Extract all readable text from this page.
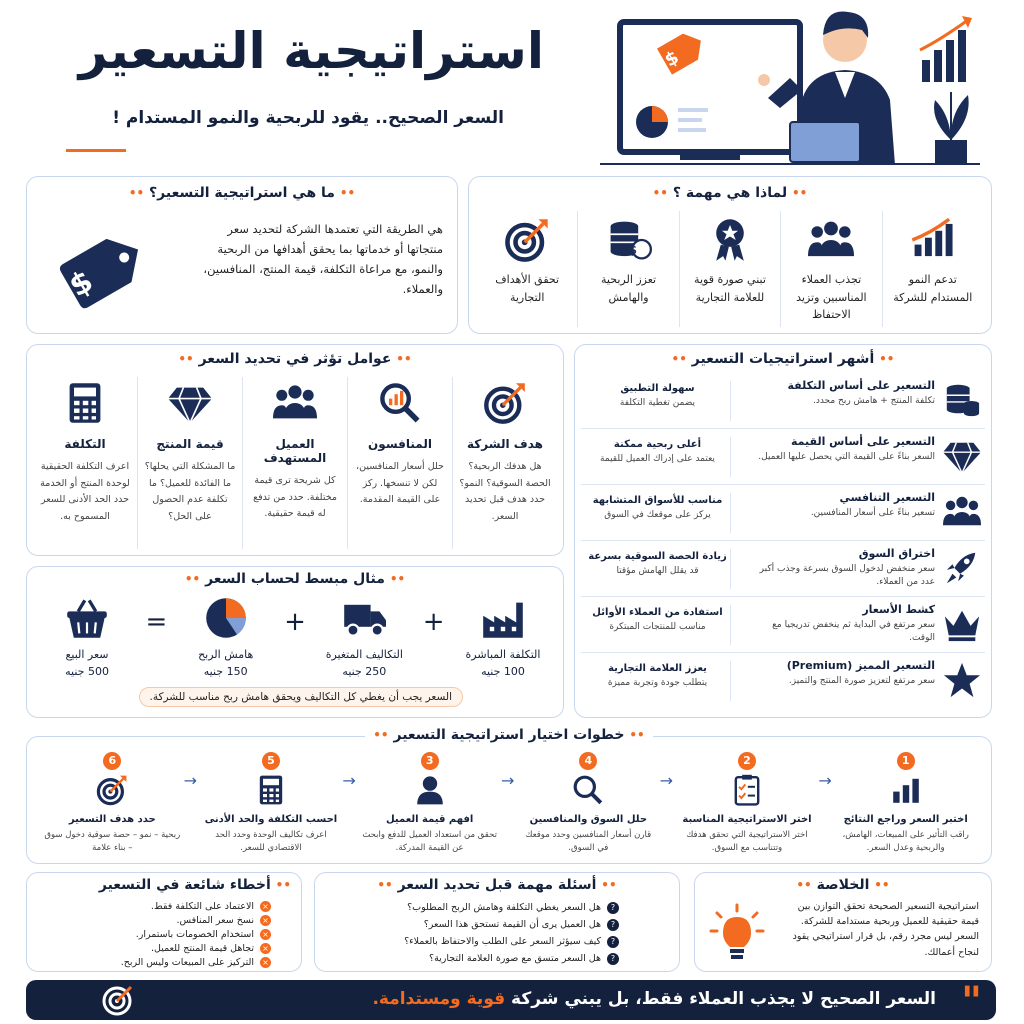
استراتيجية التسعير
السعر الصحيح.. يقود للربحية والنمو المستدام !
$
•• ما هي استراتيجية التسعير؟ ••
هي الطريقة التي تعتمدها الشركة لتحديد سعر منتجاتها أو خدماتها بما يحقق أهدافها من الربحية والنمو، مع مراعاة التكلفة، قيمة المنتج، المنافسين، والعملاء.
$
•• لماذا هي مهمة ؟ ••
تدعم النمو المستدام للشركة
تجذب العملاء المناسبين وتزيد الاحتفاظ
تبني صورة قوية للعلامة التجارية
$
تعزز الربحية والهامش
تحقق الأهداف التجارية
•• عوامل تؤثر في تحديد السعر ••
هدف الشركة
هل هدفك الربحية؟ الحصة السوقية؟ النمو؟ حدد هدف قبل تحديد السعر.
المنافسون
حلل أسعار المنافسين، لكن لا تنسخها. ركز على القيمة المقدمة.
العميل المستهدف
كل شريحة ترى قيمة مختلفة. حدد من تدفع له قيمة حقيقية.
قيمة المنتج
ما المشكلة التي يحلها؟ ما الفائدة للعميل؟ ما تكلفة عدم الحصول على الحل؟
التكلفة
اعرف التكلفة الحقيقية لوحدة المنتج أو الخدمة حدد الحد الأدنى للسعر المسموح به.
•• مثال مبسط لحساب السعر ••
التكلفة المباشرة
100 جنيه
+
التكاليف المتغيرة
250 جنيه
+
هامش الربح
150 جنيه
=
سعر البيع
500 جنيه
السعر يجب أن يغطي كل التكاليف ويحقق هامش ربح مناسب للشركة.
•• أشهر استراتيجيات التسعير ••
التسعير على أساس التكلفة
تكلفة المنتج + هامش ربح محدد.
سهولة التطبيق
يضمن تغطية التكلفة
التسعير على أساس القيمة
السعر بناءً على القيمة التي يحصل عليها العميل.
أعلى ربحية ممكنة
يعتمد على إدراك العميل للقيمة
التسعير التنافسي
تسعير بناءً على أسعار المنافسين.
مناسب للأسواق المتشابهة
يركز على موقعك في السوق
اختراق السوق
سعر منخفض لدخول السوق بسرعة وجذب أكبر عدد من العملاء.
زيادة الحصة السوقية بسرعة
قد يقلل الهامش مؤقتا
كشط الأسعار
سعر مرتفع في البداية ثم ينخفض تدريجيا مع الوقت.
استفادة من العملاء الأوائل
مناسب للمنتجات المبتكرة
التسعير المميز (Premium)
سعر مرتفع لتعزيز صورة المنتج والتميز.
يعزز العلامة التجارية
يتطلب جودة وتجربة مميزة
•• خطوات اختيار استراتيجية التسعير ••
1
اختبر السعر وراجع النتائج
راقب التأثير على المبيعات، الهامش، والربحية وعدل السعر.
→
2
اختر الاستراتيجية المناسبة
اختر الاستراتيجية التي تحقق هدفك وتتناسب مع السوق.
→
4
حلل السوق والمنافسين
قارن أسعار المنافسين وحدد موقعك في السوق.
→
3
افهم قيمة العميل
تحقق من استعداد العميل للدفع وابحث عن القيمة المدركة.
→
5
احسب التكلفة والحد الأدنى
اعرف تكاليف الوحدة وحدد الحد الاقتصادي للسعر.
→
6
حدد هدف التسعير
ربحية – نمو – حصة سوقية دخول سوق – بناء علامة
•• الخلاصة ••
استراتيجية التسعير الصحيحة تحقق التوازن بين قيمة حقيقية للعميل وربحية مستدامة للشركة. السعر ليس مجرد رقم، بل قرار استراتيجي يقود لنجاح أعمالك.
•• أسئلة مهمة قبل تحديد السعر ••
?
هل السعر يغطي التكلفة وهامش الربح المطلوب؟
?
هل العميل يرى أن القيمة تستحق هذا السعر؟
?
كيف سيؤثر السعر على الطلب والاحتفاظ بالعملاء؟
?
هل السعر متسق مع صورة العلامة التجارية؟
•• أخطاء شائعة في التسعير
×
الاعتماد على التكلفة فقط.
×
نسخ سعر المنافس.
×
استخدام الخصومات باستمرار.
×
تجاهل قيمة المنتج للعميل.
×
التركيز على المبيعات وليس الربح.
"
السعر الصحيح لا يجذب العملاء فقط، بل يبني شركة قوية ومستدامة.
